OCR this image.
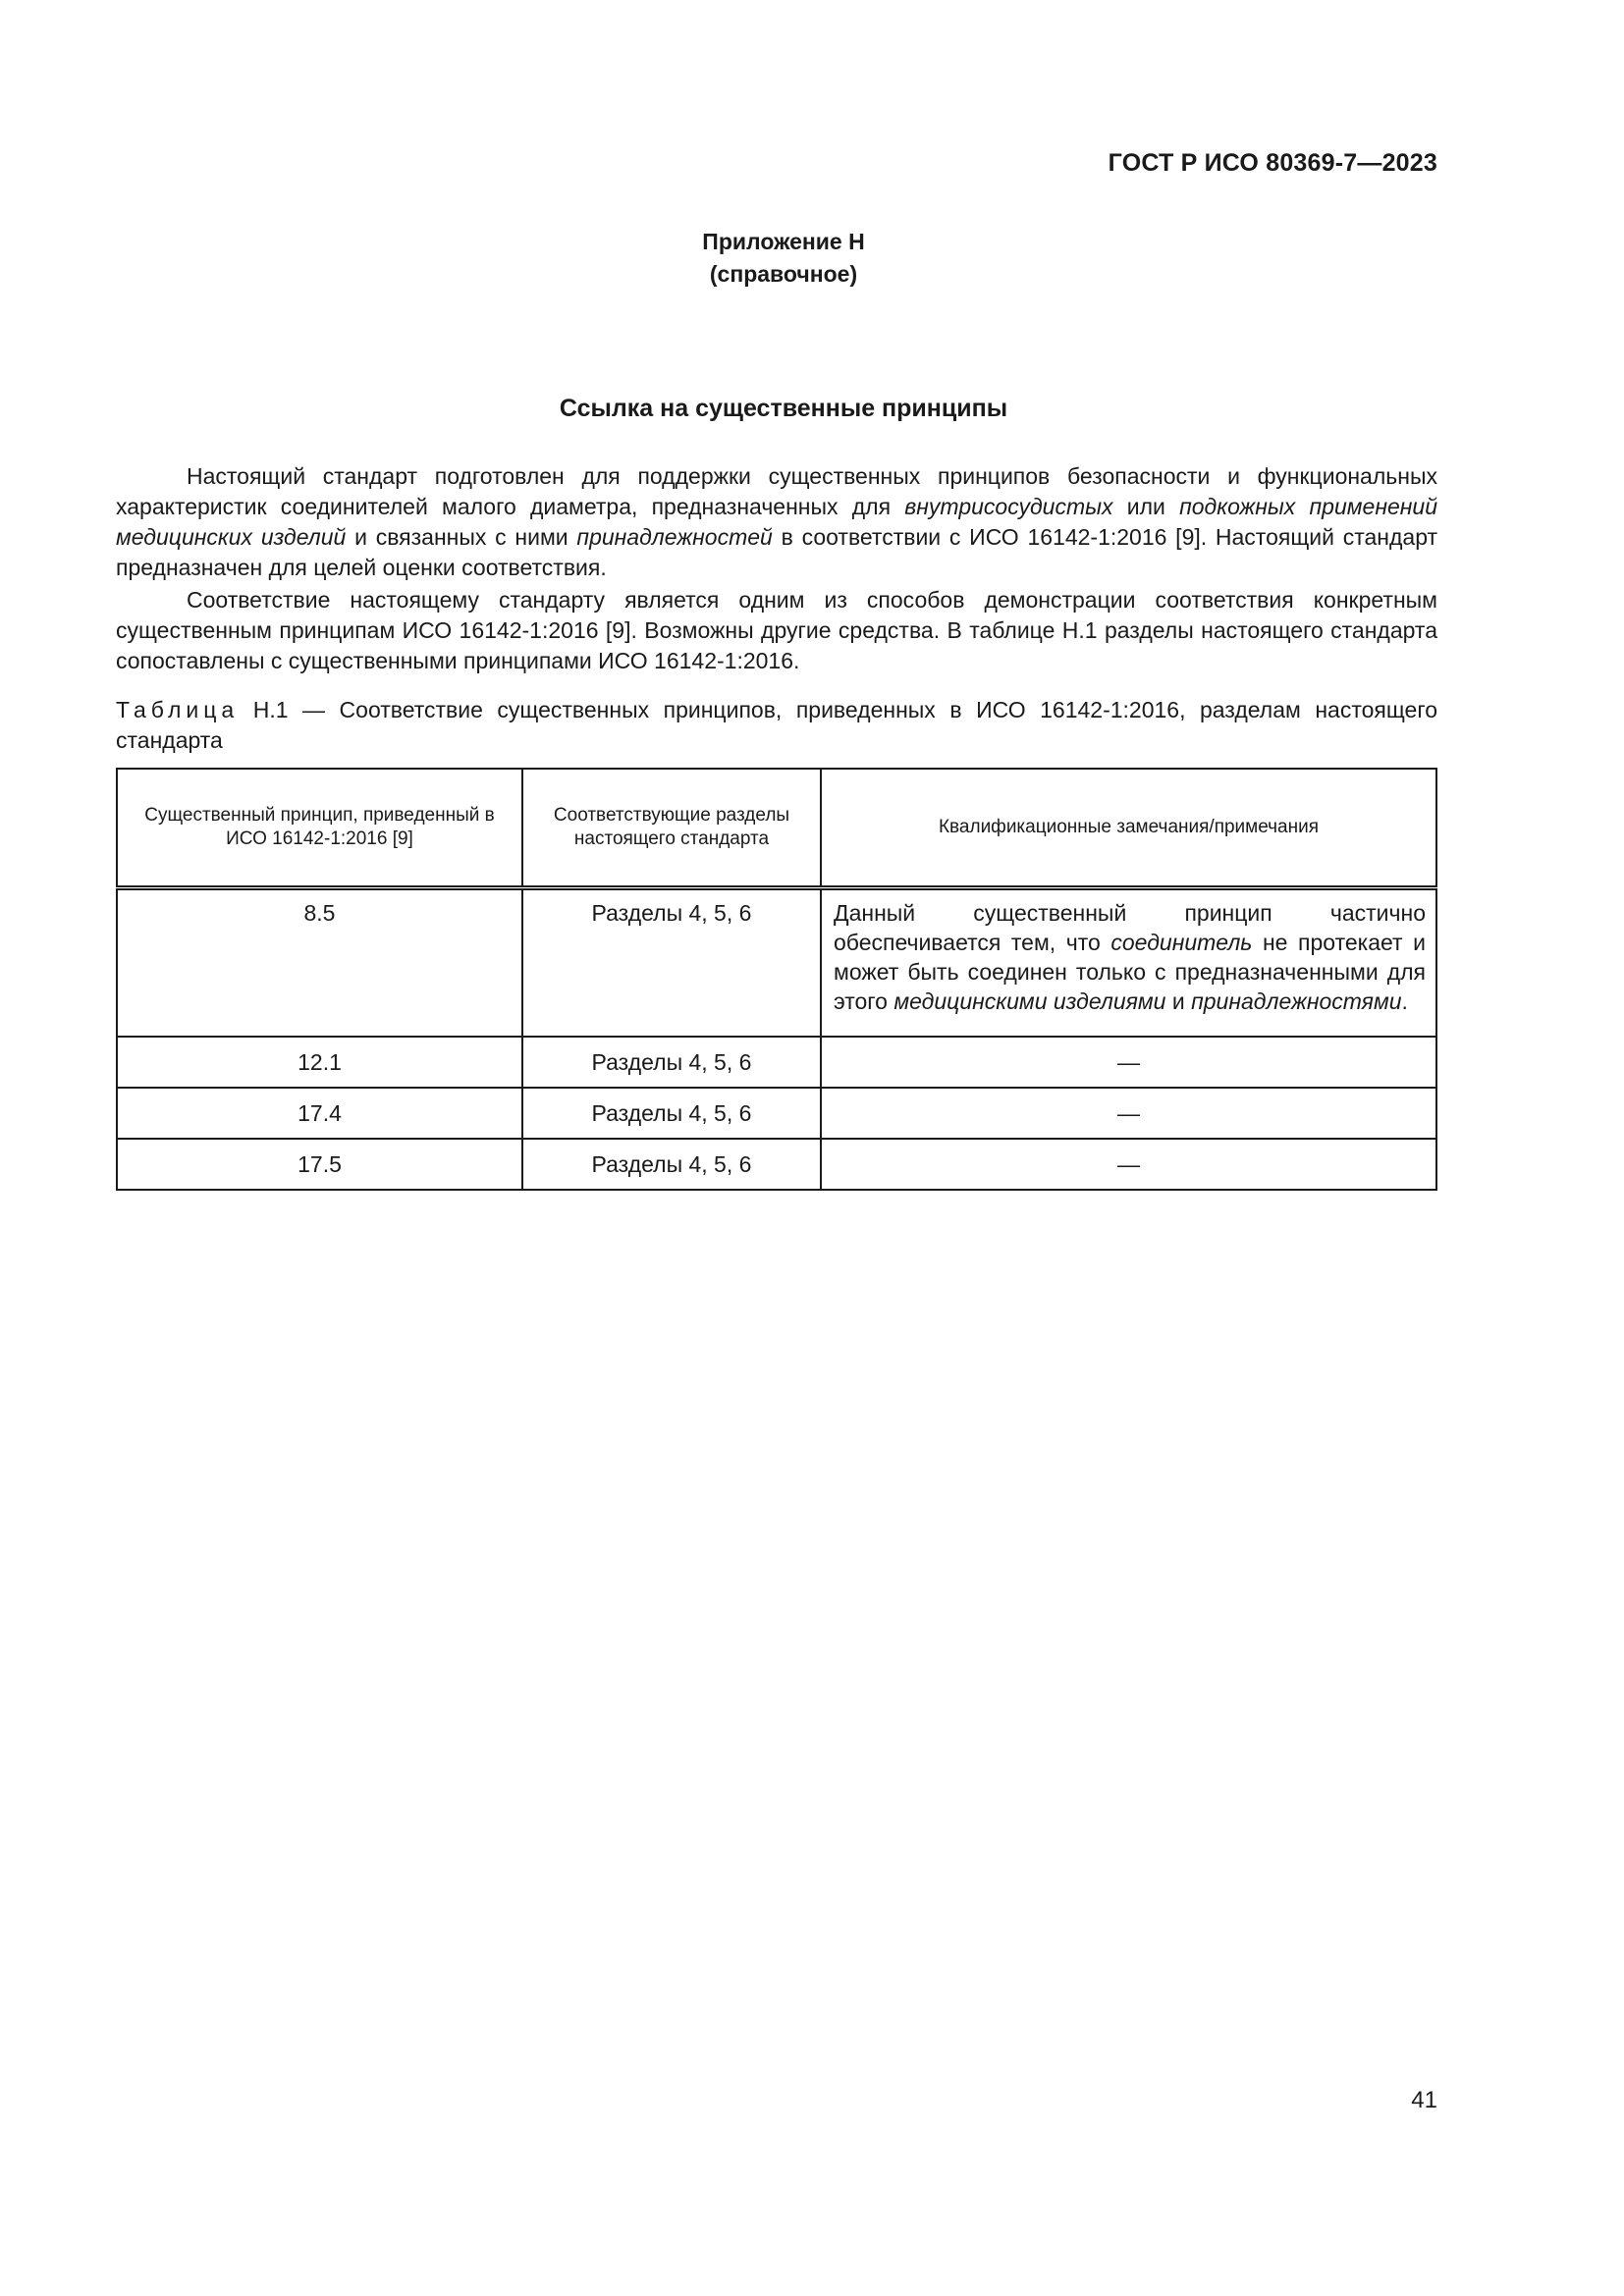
ГОСТ Р ИСО 80369-7—2023
Приложение Н
(справочное)
Ссылка на существенные принципы

Настоящий стандарт подготовлен для поддержки существенных принципов безопасности и функциональных характеристик соединителей малого диаметра, предназначенных для внутрисосудистых или подкожных применений медицинских изделий и связанных с ними принадлежностей в соответствии с ИСО 16142-1:2016 [9]. Настоящий стандарт предназначен для целей оценки соответствия.

Соответствие настоящему стандарту является одним из способов демонстрации соответствия конкретным существенным принципам ИСО 16142-1:2016 [9]. Возможны другие средства. В таблице Н.1 разделы настоящего стандарта сопоставлены с существенными принципами ИСО 16142-1:2016.

Таблица Н.1 — Соответствие существенных принципов, приведенных в ИСО 16142-1:2016, разделам настоящего стандарта
Существенный принцип, приведенный в ИСО 16142-1:2016 [9]	Соответствующие разделы настоящего стандарта	Квалификационные замечания/примечания
8.5	Разделы 4, 5, 6	Данный существенный принцип частично обеспечивается тем, что соединитель не протекает и может быть соединен только с предназначенными для этого медицинскими изделиями и принадлежностями.
12.1	Разделы 4, 5, 6	—
17.4	Разделы 4, 5, 6	—
17.5	Разделы 4, 5, 6	—
41
